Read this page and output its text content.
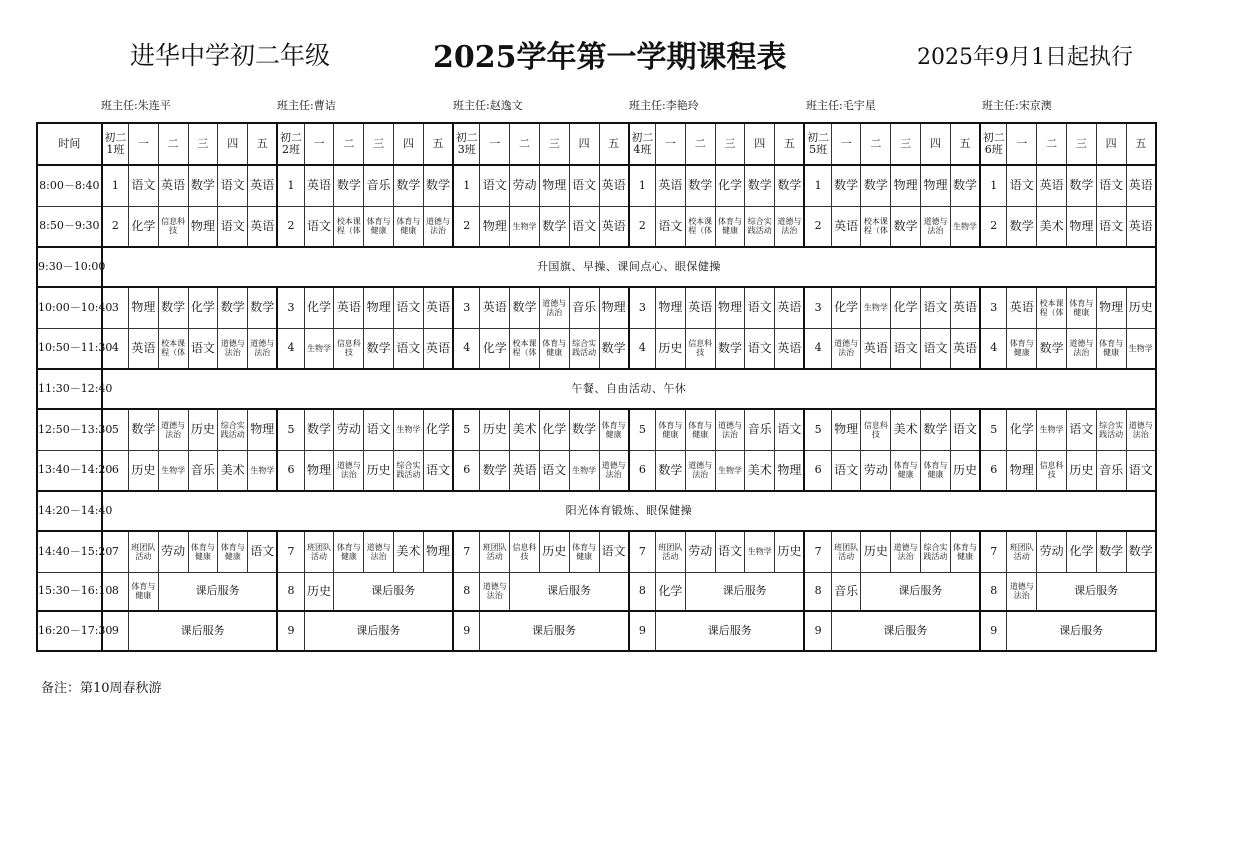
进华中学初二年级	2025学年第一学期课程表	2025年9月1日起执行
班主任:朱连平	班主任:曹诘	班主任:赵逸文	班主任:李艳玲	班主任:毛宇星	班主任:宋京澳
时间	初二1班	一	二	三	四	五	初二2班	一	二	三	四	五	初二3班	一	二	三	四	五	初二4班	一	二	三	四	五	初二5班	一	二	三	四	五	初二6班	一	二	三	四	五
8:00－8:40	1	语文	英语	数学	语文	英语	1	英语	数学	音乐	数学	数学	1	语文	劳动	物理	语文	英语	1	英语	数学	化学	数学	数学	1	数学	数学	物理	物理	数学	1	语文	英语	数学	语文	英语
8:50－9:30	2	化学	信息科技	物理	语文	英语	2	语文	校本课程（体	体育与健康	体育与健康	道德与法治	2	物理	生物学	数学	语文	英语	2	语文	校本课程（体	体育与健康	综合实践活动	道德与法治	2	英语	校本课程（体	数学	道德与法治	生物学	2	数学	美术	物理	语文	英语
9:30－10:00	升国旗、早操、课间点心、眼保健操																																			
10:00－10:40	3	物理	数学	化学	数学	数学	3	化学	英语	物理	语文	英语	3	英语	数学	道德与法治	音乐	物理	3	物理	英语	物理	语文	英语	3	化学	生物学	化学	语文	英语	3	英语	校本课程（体	体育与健康	物理	历史
10:50－11:30	4	英语	校本课程（体	语文	道德与法治	道德与法治	4	生物学	信息科技	数学	语文	英语	4	化学	校本课程（体	体育与健康	综合实践活动	数学	4	历史	信息科技	数学	语文	英语	4	道德与法治	英语	语文	语文	英语	4	体育与健康	数学	道德与法治	体育与健康	生物学
11:30－12:40	午餐、自由活动、午休																																			
12:50－13:30	5	数学	道德与法治	历史	综合实践活动	物理	5	数学	劳动	语文	生物学	化学	5	历史	美术	化学	数学	体育与健康	5	体育与健康	体育与健康	道德与法治	音乐	语文	5	物理	信息科技	美术	数学	语文	5	化学	生物学	语文	综合实践活动	道德与法治
13:40－14:20	6	历史	生物学	音乐	美术	生物学	6	物理	道德与法治	历史	综合实践活动	语文	6	数学	英语	语文	生物学	道德与法治	6	数学	道德与法治	生物学	美术	物理	6	语文	劳动	体育与健康	体育与健康	历史	6	物理	信息科技	历史	音乐	语文
14:20－14:40	阳光体育锻炼、眼保健操																																			
14:40－15:20	7	班团队活动	劳动	体育与健康	体育与健康	语文	7	班团队活动	体育与健康	道德与法治	美术	物理	7	班团队活动	信息科技	历史	体育与健康	语文	7	班团队活动	劳动	语文	生物学	历史	7	班团队活动	历史	道德与法治	综合实践活动	体育与健康	7	班团队活动	劳动	化学	数学	数学
15:30－16:10	8	体育与健康	课后服务				8	历史	课后服务				8	道德与法治	课后服务				8	化学	课后服务				8	音乐	课后服务				8	道德与法治	课后服务			
16:20－17:30	9	课后服务					9	课后服务					9	课后服务					9	课后服务					9	课后服务					9	课后服务				
备注：第10周春秋游
